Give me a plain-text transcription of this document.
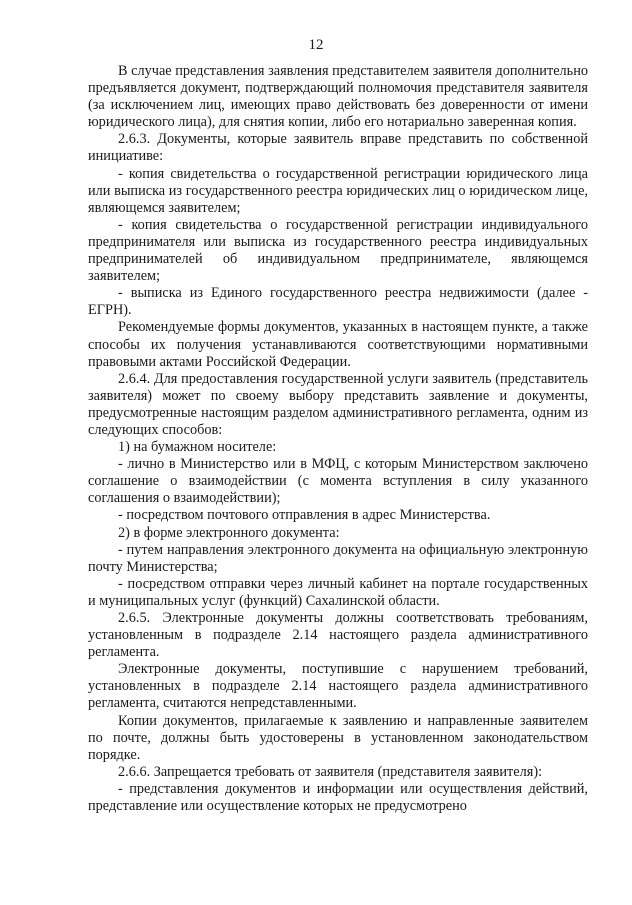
12

В случае представления заявления представителем заявителя дополнительно предъявляется документ, подтверждающий полномочия представителя заявителя (за исключением лиц, имеющих право действовать без доверенности от имени юридического лица), для снятия копии, либо его нотариально заверенная копия.

2.6.3. Документы, которые заявитель вправе представить по собственной инициативе:

- копия свидетельства о государственной регистрации юридического лица или выписка из государственного реестра юридических лиц о юридическом лице, являющемся заявителем;

- копия свидетельства о государственной регистрации индивидуального предпринимателя или выписка из государственного реестра индивидуальных предпринимателей об индивидуальном предпринимателе, являющемся заявителем;

- выписка из Единого государственного реестра недвижимости (далее - ЕГРН).

Рекомендуемые формы документов, указанных в настоящем пункте, а также способы их получения устанавливаются соответствующими нормативными правовыми актами Российской Федерации.

2.6.4. Для предоставления государственной услуги заявитель (представитель заявителя) может по своему выбору представить заявление и документы, предусмотренные настоящим разделом административного регламента, одним из следующих способов:

1) на бумажном носителе:

- лично в Министерство или в МФЦ, с которым Министерством заключено соглашение о взаимодействии (с момента вступления в силу указанного соглашения о взаимодействии);

- посредством почтового отправления в адрес Министерства.

2) в форме электронного документа:

- путем направления электронного документа на официальную электронную почту Министерства;

- посредством отправки через личный кабинет на портале государственных и муниципальных услуг (функций) Сахалинской области.

2.6.5. Электронные документы должны соответствовать требованиям, установленным в подразделе 2.14 настоящего раздела административного регламента.

Электронные документы, поступившие с нарушением требований, установленных в подразделе 2.14 настоящего раздела административного регламента, считаются непредставленными.

Копии документов, прилагаемые к заявлению и направленные заявителем по почте, должны быть удостоверены в установленном законодательством порядке.

2.6.6. Запрещается требовать от заявителя (представителя заявителя):

- представления документов и информации или осуществления действий, представление или осуществление которых не предусмотрено
